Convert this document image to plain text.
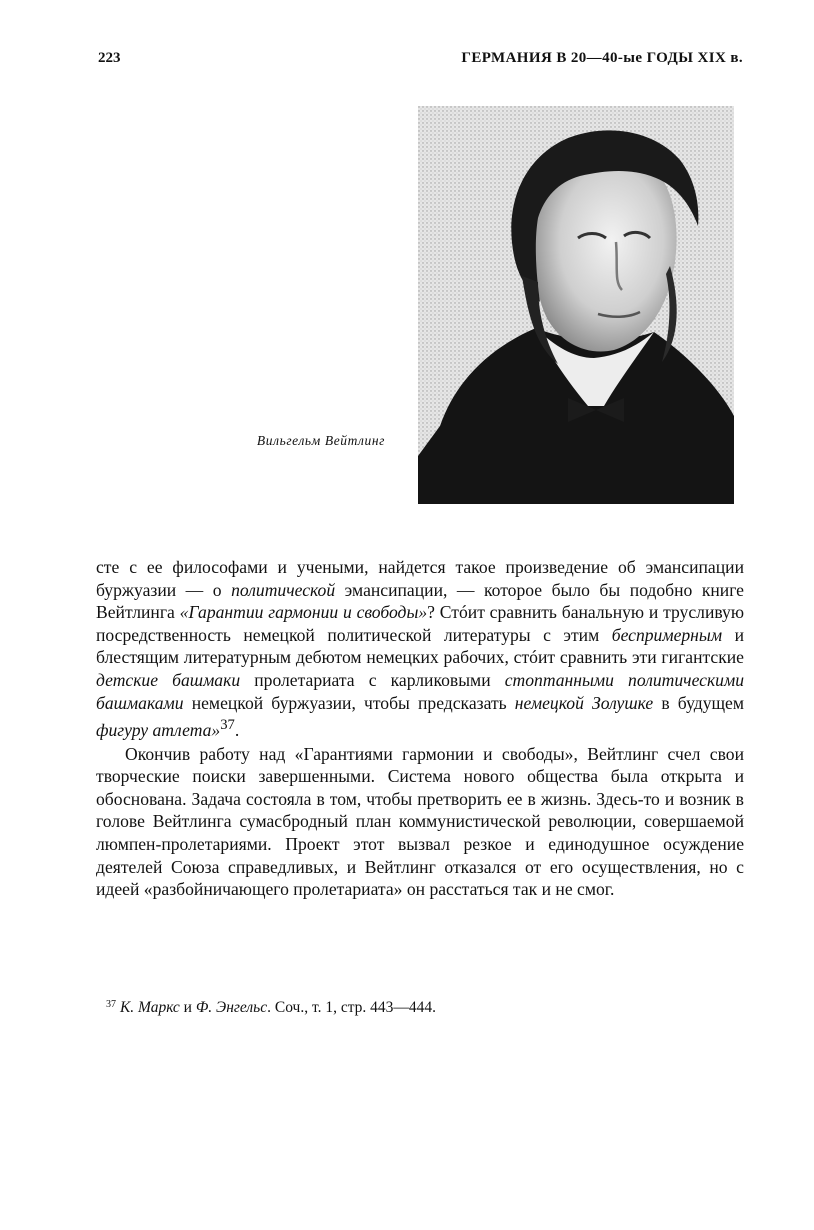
223	ГЕРМАНИЯ В 20—40-ые ГОДЫ XIX в.
Вильгельм Вейтлинг

сте с ее философами и учеными, найдется такое произведение об эмансипации буржуазии — о политической эмансипации, — которое было бы подобно книге Вейтлинга «Гарантии гармонии и свободы»? Стóит сравнить банальную и трусливую посредственность немецкой политической литературы с этим беспримерным и блестящим литературным дебютом немецких рабочих, стóит сравнить эти гигантские детские башмаки пролетариата с карликовыми стоптанными политическими башмаками немецкой буржуазии, чтобы предсказать немецкой Золушке в будущем фигуру атлета»$^{37}$.

Окончив работу над «Гарантиями гармонии и свободы», Вейтлинг счел свои творческие поиски завершенными. Система нового общества была открыта и обоснована. Задача состояла в том, чтобы претворить ее в жизнь. Здесь-то и возник в голове Вейтлинга сумасбродный план коммунистической революции, совершаемой люмпен-пролетариями. Проект этот вызвал резкое и единодушное осуждение деятелей Союза справедливых, и Вейтлинг отказался от его осуществления, но с идеей «разбойничающего пролетариата» он расстаться так и не смог.

$^{37}$ К. Маркс и Ф. Энгельс. Соч., т. 1, стр. 443—444.
